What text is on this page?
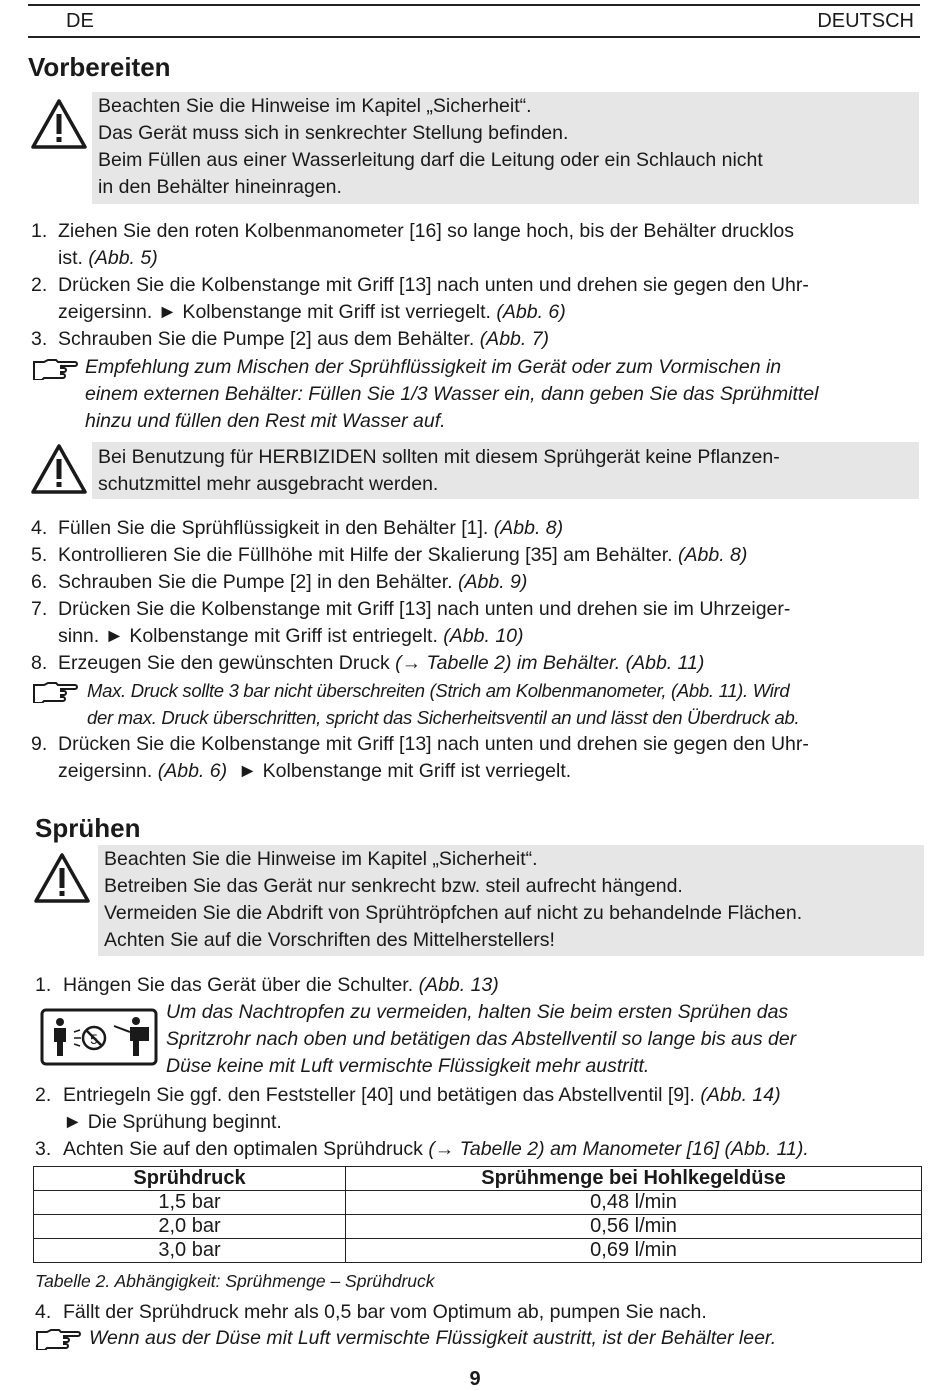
DE	DEUTSCH
Vorbereiten
Beachten Sie die Hinweise im Kapitel „Sicherheit“.
Das Gerät muss sich in senkrechter Stellung befinden.
Beim Füllen aus einer Wasserleitung darf die Leitung oder ein Schlauch nicht
in den Behälter hineinragen.
1. Ziehen Sie den roten Kolbenmanometer [16] so lange hoch, bis der Behälter drucklos
ist. (Abb. 5)
2. Drücken Sie die Kolbenstange mit Griff [13] nach unten und drehen sie gegen den Uhr-
zeigersinn. ► Kolbenstange mit Griff ist verriegelt. (Abb. 6)
3. Schrauben Sie die Pumpe [2] aus dem Behälter. (Abb. 7)
Empfehlung zum Mischen der Sprühflüssigkeit im Gerät oder zum Vormischen in
einem externen Behälter: Füllen Sie 1/3 Wasser ein, dann geben Sie das Sprühmittel
hinzu und füllen den Rest mit Wasser auf.
Bei Benutzung für HERBIZIDEN sollten mit diesem Sprühgerät keine Pflanzen-
schutzmittel mehr ausgebracht werden.
4. Füllen Sie die Sprühflüssigkeit in den Behälter [1]. (Abb. 8)
5. Kontrollieren Sie die Füllhöhe mit Hilfe der Skalierung [35] am Behälter. (Abb. 8)
6. Schrauben Sie die Pumpe [2] in den Behälter. (Abb. 9)
7. Drücken Sie die Kolbenstange mit Griff [13] nach unten und drehen sie im Uhrzeiger-
sinn. ► Kolbenstange mit Griff ist entriegelt. (Abb. 10)
8. Erzeugen Sie den gewünschten Druck (→ Tabelle 2) im Behälter. (Abb. 11)
Max. Druck sollte 3 bar nicht überschreiten (Strich am Kolbenmanometer, (Abb. 11). Wird
der max. Druck überschritten, spricht das Sicherheitsventil an und lässt den Überdruck ab.
9. Drücken Sie die Kolbenstange mit Griff [13] nach unten und drehen sie gegen den Uhr-
zeigersinn. (Abb. 6)  ► Kolbenstange mit Griff ist verriegelt.
Sprühen
Beachten Sie die Hinweise im Kapitel „Sicherheit“.
Betreiben Sie das Gerät nur senkrecht bzw. steil aufrecht hängend.
Vermeiden Sie die Abdrift von Sprühtröpfchen auf nicht zu behandelnde Flächen.
Achten Sie auf die Vorschriften des Mittelherstellers!
1. Hängen Sie das Gerät über die Schulter. (Abb. 13)
5
Um das Nachtropfen zu vermeiden, halten Sie beim ersten Sprühen das
Spritzrohr nach oben und betätigen das Abstellventil so lange bis aus der
Düse keine mit Luft vermischte Flüssigkeit mehr austritt.
2. Entriegeln Sie ggf. den Feststeller [40] und betätigen das Abstellventil [9]. (Abb. 14)
► Die Sprühung beginnt.
3. Achten Sie auf den optimalen Sprühdruck (→ Tabelle 2) am Manometer [16] (Abb. 11).
Sprühdruck	Sprühmenge bei Hohlkegeldüse
1,5 bar	0,48 l/min
2,0 bar	0,56 l/min
3,0 bar	0,69 l/min
Tabelle 2. Abhängigkeit: Sprühmenge – Sprühdruck
4. Fällt der Sprühdruck mehr als 0,5 bar vom Optimum ab, pumpen Sie nach.
Wenn aus der Düse mit Luft vermischte Flüssigkeit austritt, ist der Behälter leer.
9
